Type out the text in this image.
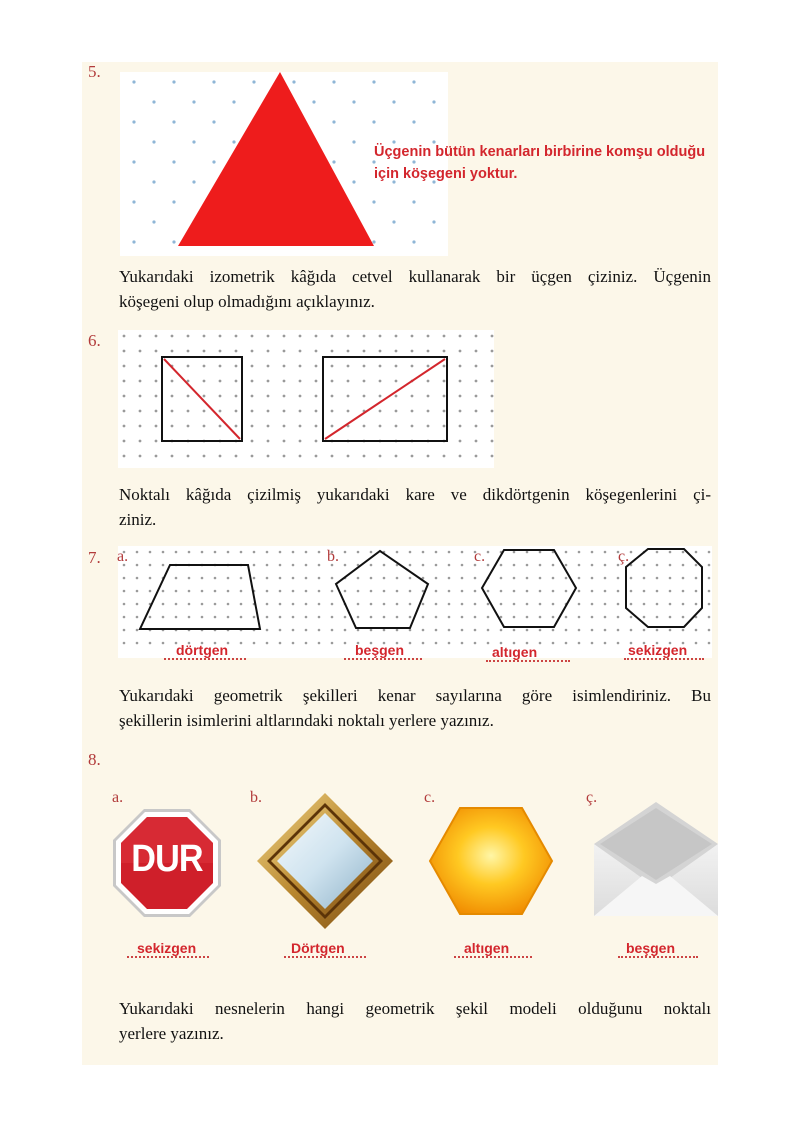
5.
Üçgenin bütün kenarları birbirine komşu olduğu
için köşegeni yoktur.
Yukarıdaki izometrik kâğıda cetvel kullanarak bir üçgen çiziniz. Üçgenin
köşegeni olup olmadığını açıklayınız.
6.
Noktalı kâğıda çizilmiş yukarıdaki kare ve dikdörtgenin köşegenlerini çi-
ziniz.
7. a.	b.	c.	ç.
dörtgen	beşgen	altıgen	sekizgen
Yukarıdaki geometrik şekilleri kenar sayılarına göre isimlendiriniz. Bu
şekillerin isimlerini altlarındaki noktalı yerlere yazınız.
8.
a.	b.	c.	ç.
DUR
sekizgen	Dörtgen	altıgen	beşgen
Yukarıdaki nesnelerin hangi geometrik şekil modeli olduğunu noktalı
yerlere yazınız.
